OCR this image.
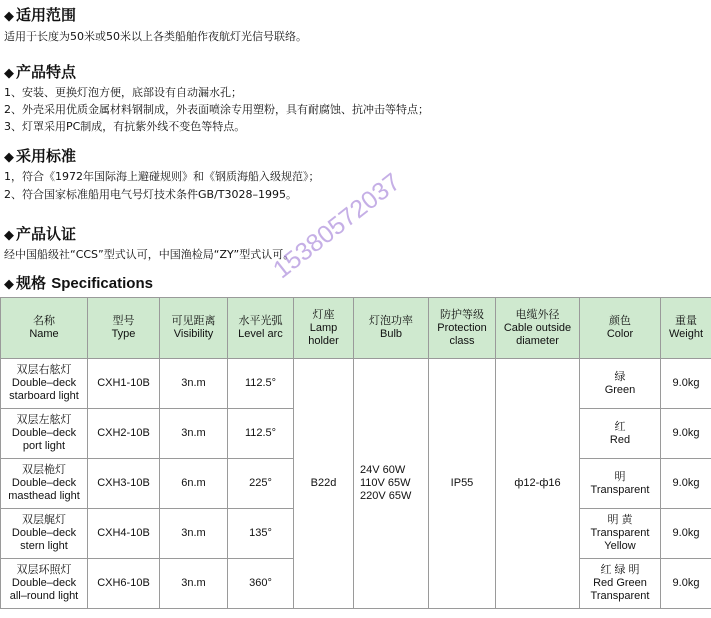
◆ 适用范围
适用于长度为50米或50米以上各类船舶作夜航灯光信号联络。
◆ 产品特点
1、安装、更换灯泡方便，底部设有自动漏水孔；
2、外壳采用优质金属材料钢制成，外表面喷涂专用塑粉，具有耐腐蚀、抗冲击等特点；
3、灯罩采用PC制成，有抗紫外线不变色等特点。
◆ 采用标准
1，符合《1972年国际海上避碰规则》和《钢质海船入级规范》；
2、符合国家标准船用电气号灯技术条件GB/T3028–1995。
◆ 产品认证
经中国船级社“CCS”型式认可，中国渔检局“ZY”型式认可。
◆ 规格 Specifications
名称
Name	型号
Type	可见距离
Visibility	水平光弧
Level arc	灯座
Lamp
holder	灯泡功率
Bulb	防护等级
Protection
class	电缆外径
Cable outside
diameter	颜色
Color	重量
Weight
双层右舷灯
Double–deck
starboard light	CXH1-10B	3n.m	112.5°	B22d	24V 60W
110V 65W
220V 65W	IP55	ф12-ф16	绿
Green	9.0kg
双层左舷灯
Double–deck
port light	CXH2-10B	3n.m	112.5°					红
Red	9.0kg
双层桅灯
Double–deck
masthead light	CXH3-10B	6n.m	225°					明
Transparent	9.0kg
双层艉灯
Double–deck
stern light	CXH4-10B	3n.m	135°					明 黄
Transparent
Yellow	9.0kg
双层环照灯
Double–deck
all–round light	CXH6-10B	3n.m	360°					红 绿 明
Red Green
Transparent	9.0kg
15380572037
